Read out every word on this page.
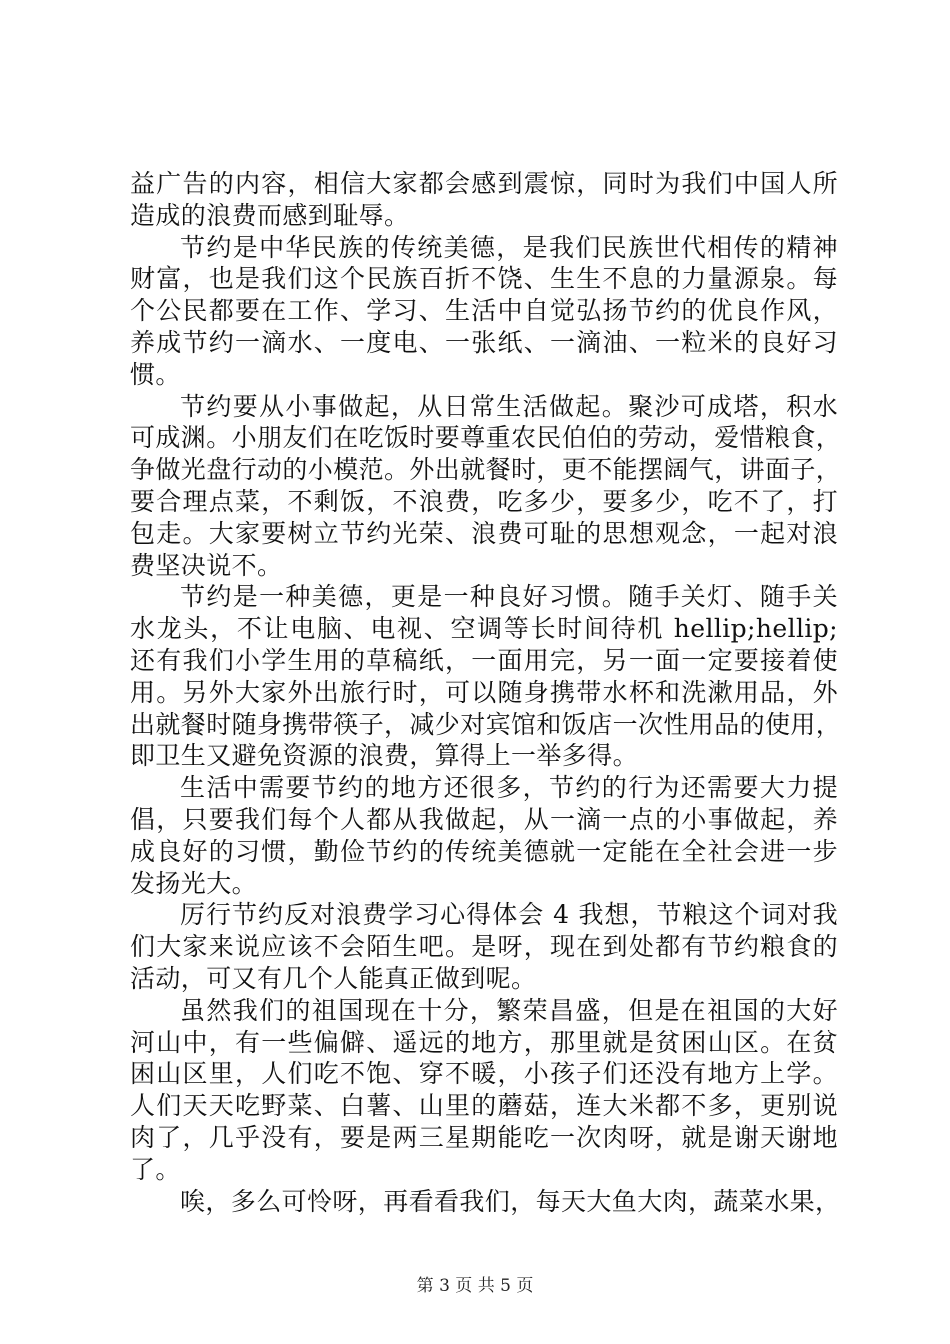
益广告的内容，相信大家都会感到震惊，同时为我们中国人所
造成的浪费而感到耻辱。
节约是中华民族的传统美德，是我们民族世代相传的精神
财富，也是我们这个民族百折不饶、生生不息的力量源泉。每
个公民都要在工作、学习、生活中自觉弘扬节约的优良作风，
养成节约一滴水、一度电、一张纸、一滴油、一粒米的良好习
惯。
节约要从小事做起，从日常生活做起。聚沙可成塔，积水
可成渊。小朋友们在吃饭时要尊重农民伯伯的劳动，爱惜粮食，
争做光盘行动的小模范。外出就餐时，更不能摆阔气，讲面子，
要合理点菜，不剩饭，不浪费，吃多少，要多少，吃不了，打
包走。大家要树立节约光荣、浪费可耻的思想观念，一起对浪
费坚决说不。
节约是一种美德，更是一种良好习惯。随手关灯、随手关
水龙头，不让电脑、电视、空调等长时间待机 hellip;hellip;
还有我们小学生用的草稿纸，一面用完，另一面一定要接着使
用。另外大家外出旅行时，可以随身携带水杯和洗漱用品，外
出就餐时随身携带筷子，减少对宾馆和饭店一次性用品的使用，
即卫生又避免资源的浪费，算得上一举多得。
生活中需要节约的地方还很多，节约的行为还需要大力提
倡，只要我们每个人都从我做起，从一滴一点的小事做起，养
成良好的习惯，勤俭节约的传统美德就一定能在全社会进一步
发扬光大。
厉行节约反对浪费学习心得体会 4 我想，节粮这个词对我
们大家来说应该不会陌生吧。是呀，现在到处都有节约粮食的
活动，可又有几个人能真正做到呢。
虽然我们的祖国现在十分，繁荣昌盛，但是在祖国的大好
河山中，有一些偏僻、遥远的地方，那里就是贫困山区。在贫
困山区里，人们吃不饱、穿不暖，小孩子们还没有地方上学。
人们天天吃野菜、白薯、山里的蘑菇，连大米都不多，更别说
肉了，几乎没有，要是两三星期能吃一次肉呀，就是谢天谢地
了。
唉，多么可怜呀，再看看我们，每天大鱼大肉，蔬菜水果，
第 3 页 共 5 页
